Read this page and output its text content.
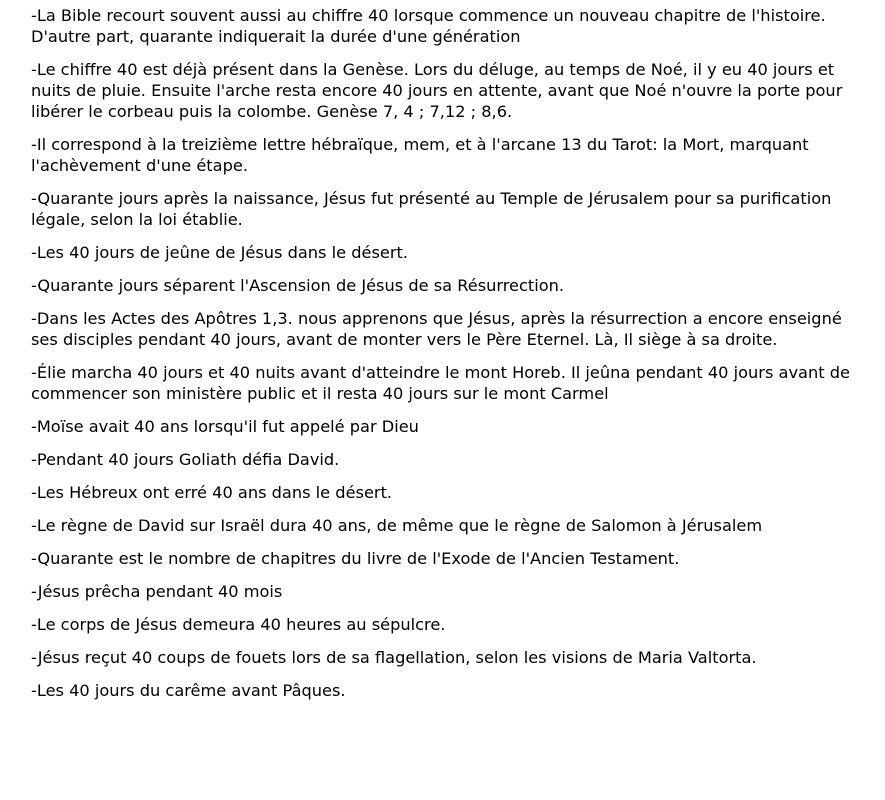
-La Bible recourt souvent aussi au chiffre 40 lorsque commence un nouveau chapitre de l'histoire. D'autre part, quarante indiquerait la durée d'une génération

-Le chiffre 40 est déjà présent dans la Genèse. Lors du déluge, au temps de Noé, il y eu 40 jours et nuits de pluie. Ensuite l'arche resta encore 40 jours en attente, avant que Noé n'ouvre la porte pour libérer le corbeau puis la colombe. Genèse 7, 4 ; 7,12 ; 8,6.

-Il correspond à la treizième lettre hébraïque, mem, et à l'arcane 13 du Tarot: la Mort, marquant l'achèvement d'une étape.

-Quarante jours après la naissance, Jésus fut présenté au Temple de Jérusalem pour sa purification légale, selon la loi établie.

-Les 40 jours de jeûne de Jésus dans le désert.

-Quarante jours séparent l'Ascension de Jésus de sa Résurrection.

-Dans les Actes des Apôtres 1,3. nous apprenons que Jésus, après la résurrection a encore enseigné ses disciples pendant 40 jours, avant de monter vers le Père Eternel. Là, Il siège à sa droite.

-Élie marcha 40 jours et 40 nuits avant d'atteindre le mont Horeb. Il jeûna pendant 40 jours avant de commencer son ministère public et il resta 40 jours sur le mont Carmel

-Moïse avait 40 ans lorsqu'il fut appelé par Dieu

-Pendant 40 jours Goliath défia David.

-Les Hébreux ont erré 40 ans dans le désert.

-Le règne de David sur Israël dura 40 ans, de même que le règne de Salomon à Jérusalem

-Quarante est le nombre de chapitres du livre de l'Exode de l'Ancien Testament.

-Jésus prêcha pendant 40 mois

-Le corps de Jésus demeura 40 heures au sépulcre.

-Jésus reçut 40 coups de fouets lors de sa flagellation, selon les visions de Maria Valtorta.

-Les 40 jours du carême avant Pâques.
